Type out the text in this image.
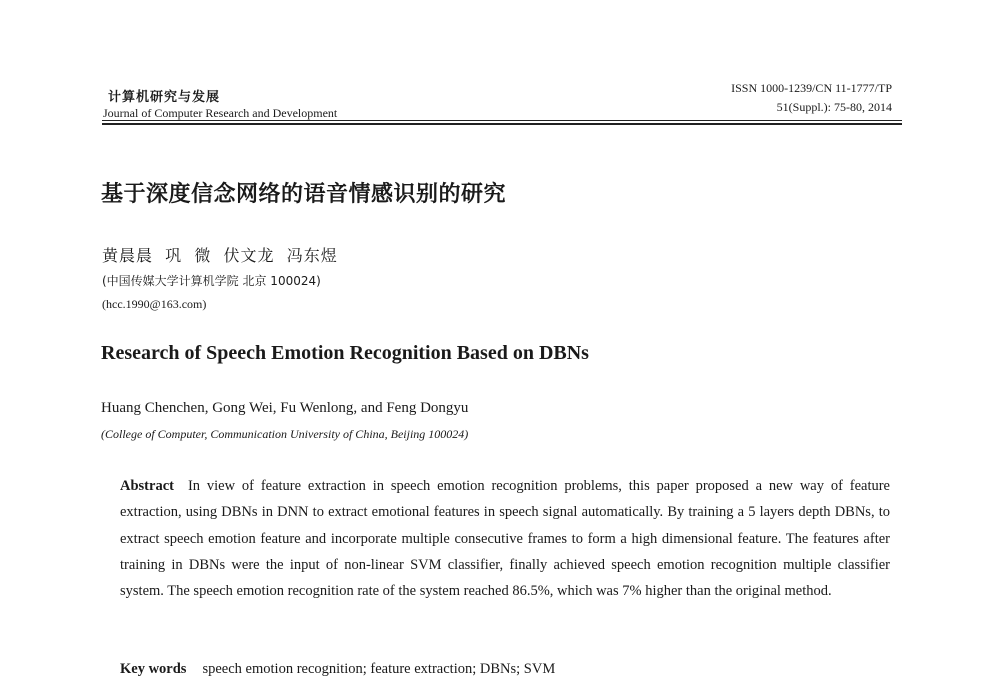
计算机研究与发展
Journal of Computer Research and Development
ISSN 1000-1239/CN 11-1777/TP
51(Suppl.): 75-80, 2014
基于深度信念网络的语音情感识别的研究
黄晨晨  巩  微  伏文龙  冯东煜
(中国传媒大学计算机学院 北京 100024)
(hcc.1990@163.com)
Research of Speech Emotion Recognition Based on DBNs
Huang Chenchen, Gong Wei, Fu Wenlong, and Feng Dongyu
(College of Computer, Communication University of China, Beijing 100024)

Abstract In view of feature extraction in speech emotion recognition problems, this paper proposed a new way of feature extraction, using DBNs in DNN to extract emotional features in speech signal automatically. By training a 5 layers depth DBNs, to extract speech emotion feature and incorporate multiple consecutive frames to form a high dimensional feature. The features after training in DBNs were the input of non-linear SVM classifier, finally achieved speech emotion recognition multiple classifier system. The speech emotion recognition rate of the system reached 86.5%, which was 7% higher than the original method.

Key words speech emotion recognition; feature extraction; DBNs; SVM
